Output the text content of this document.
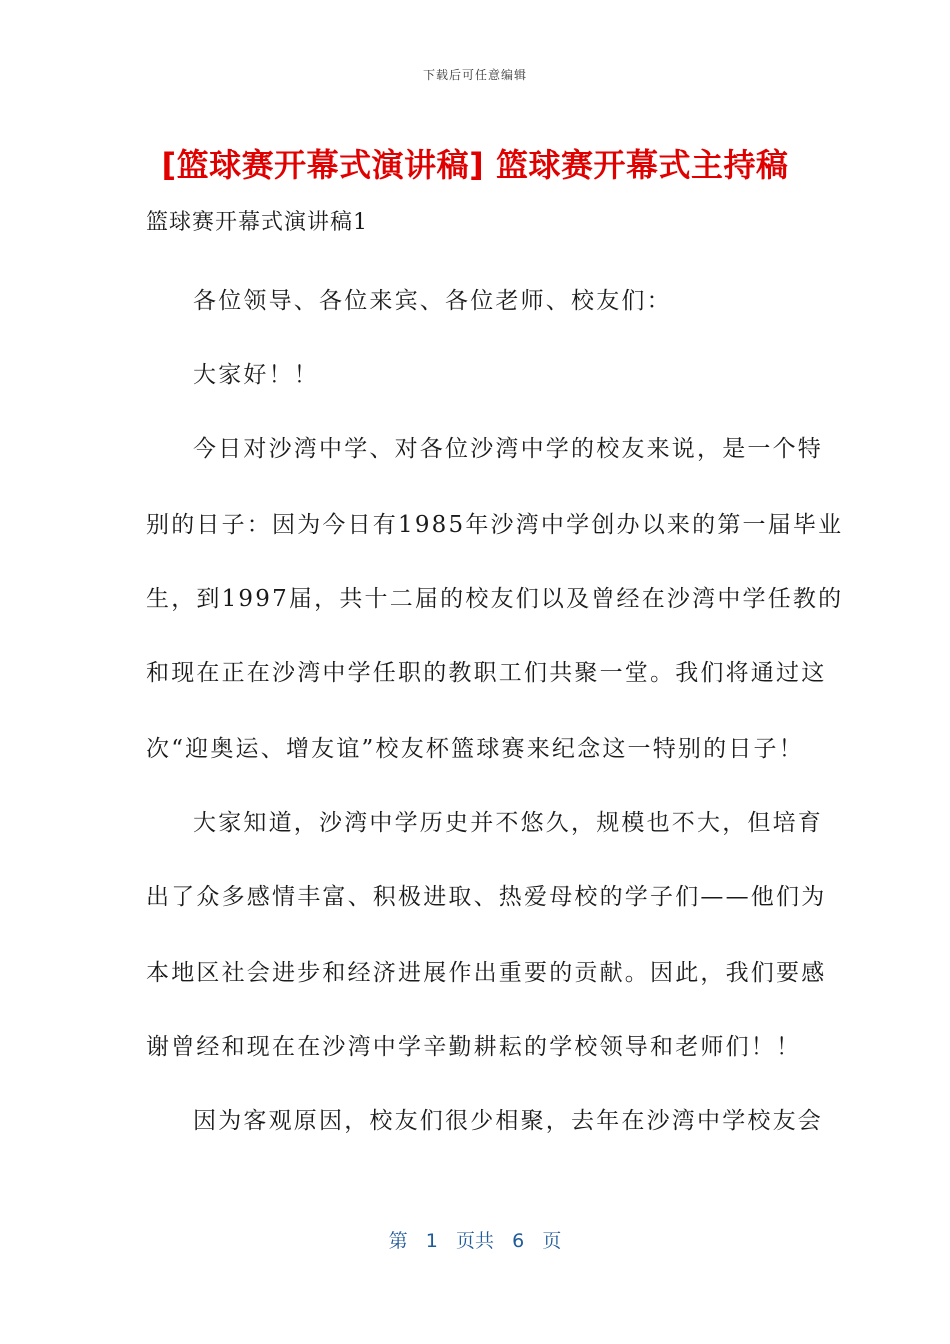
下载后可任意编辑
[篮球赛开幕式演讲稿] 篮球赛开幕式主持稿
篮球赛开幕式演讲稿1
各位领导、各位来宾、各位老师、校友们：
大家好！！
今日对沙湾中学、对各位沙湾中学的校友来说，是一个特
别的日子：因为今日有1985年沙湾中学创办以来的第一届毕业
生，到1997届，共十二届的校友们以及曾经在沙湾中学任教的
和现在正在沙湾中学任职的教职工们共聚一堂。我们将通过这
次“迎奥运、增友谊”校友杯篮球赛来纪念这一特别的日子！
大家知道，沙湾中学历史并不悠久，规模也不大，但培育
出了众多感情丰富、积极进取、热爱母校的学子们——他们为
本地区社会进步和经济进展作出重要的贡献。因此，我们要感
谢曾经和现在在沙湾中学辛勤耕耘的学校领导和老师们！！
因为客观原因，校友们很少相聚，去年在沙湾中学校友会
第 1 页共 6 页
